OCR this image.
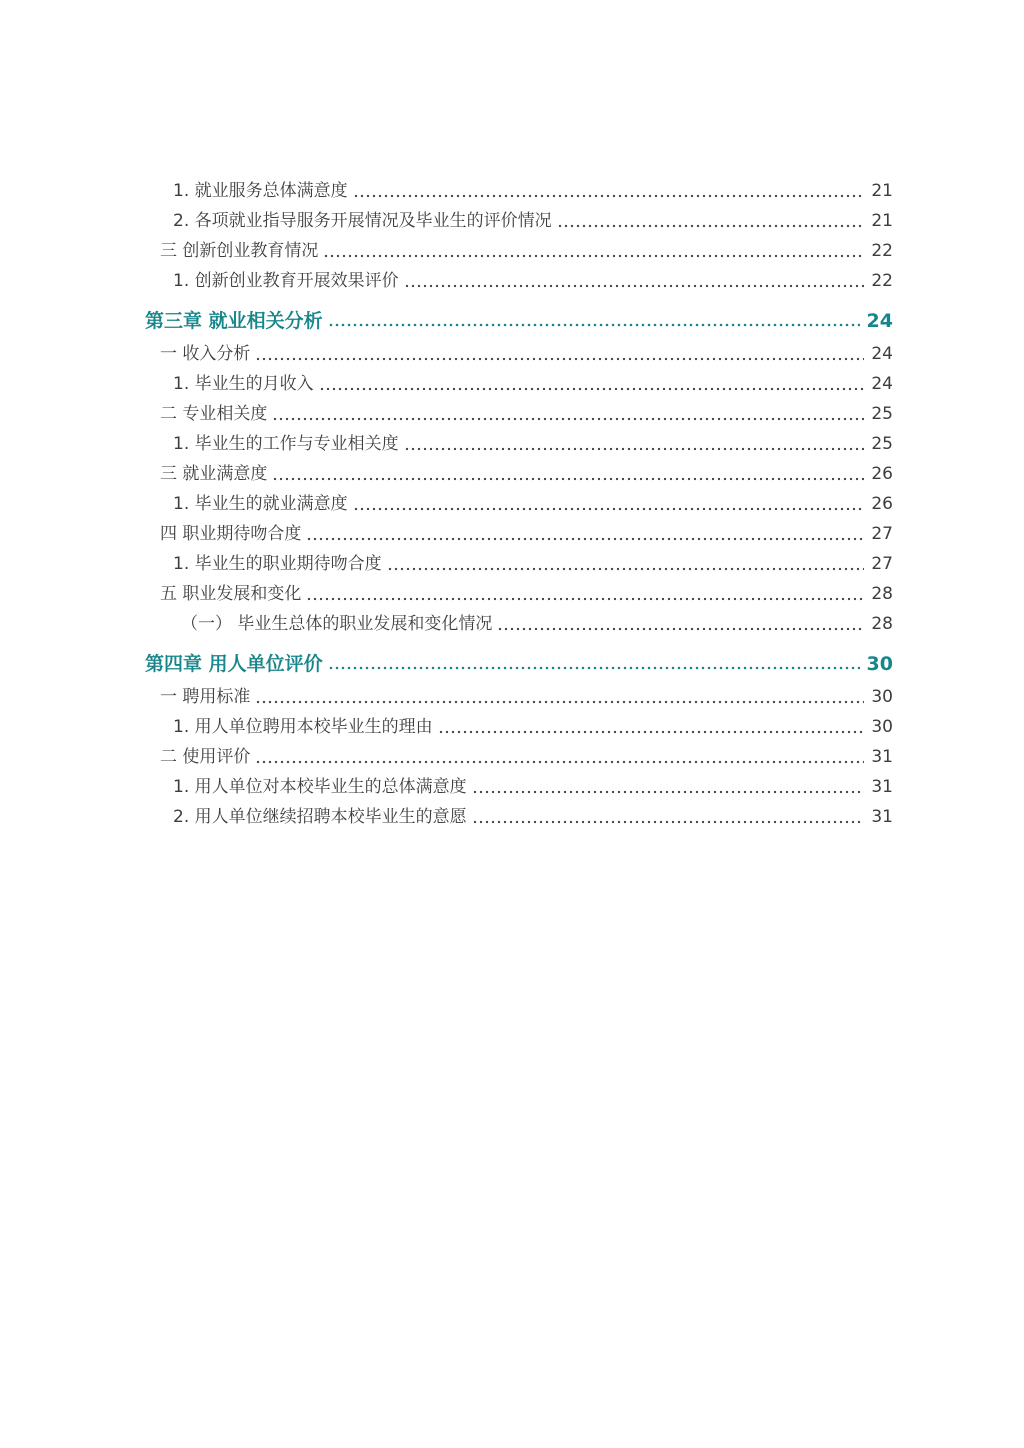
1. 就业服务总体满意度	21
2. 各项就业指导服务开展情况及毕业生的评价情况	21
三 创新创业教育情况	22
1. 创新创业教育开展效果评价	22
第三章 就业相关分析	24
一 收入分析	24
1. 毕业生的月收入	24
二 专业相关度	25
1. 毕业生的工作与专业相关度	25
三 就业满意度	26
1. 毕业生的就业满意度	26
四 职业期待吻合度	27
1. 毕业生的职业期待吻合度	27
五 职业发展和变化	28
（一） 毕业生总体的职业发展和变化情况	28
第四章 用人单位评价	30
一 聘用标准	30
1. 用人单位聘用本校毕业生的理由	30
二 使用评价	31
1. 用人单位对本校毕业生的总体满意度	31
2. 用人单位继续招聘本校毕业生的意愿	31
